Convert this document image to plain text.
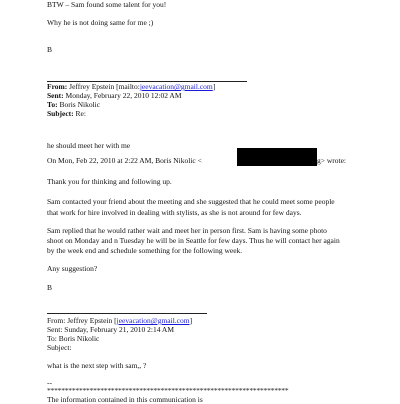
BTW – Sam found some talent for you!
Why he is not doing same for me ;)
B
From: Jeffrey Epstein [mailto:jeevacation@gmail.com]
Sent: Monday, February 22, 2010 12:02 AM
To: Boris Nikolic
Subject: Re:
he should meet her with me
On Mon, Feb 22, 2010 at 2:22 AM, Boris Nikolic <	g> wrote:
Thank you for thinking and following up.
Sam contacted your friend about the meeting and she suggested that he could meet some people
that work for hire involved in dealing with stylists, as she is not around for few days.
Sam replied that he would rather wait and meet her in person first. Sam is having some photo
shoot on Monday and n Tuesday he will be in Seattle for few days. Thus he will contact her again
by the week end and schedule something for the following week.
Any suggestion?
B
From: Jeffrey Epstein [jeevacation@gmail.com]
Sent: Sunday, February 21, 2010 2:14 AM
To: Boris Nikolic
Subject:
what is the next step with sam,, ?
--
********************************************************************
The information contained in this communication is
